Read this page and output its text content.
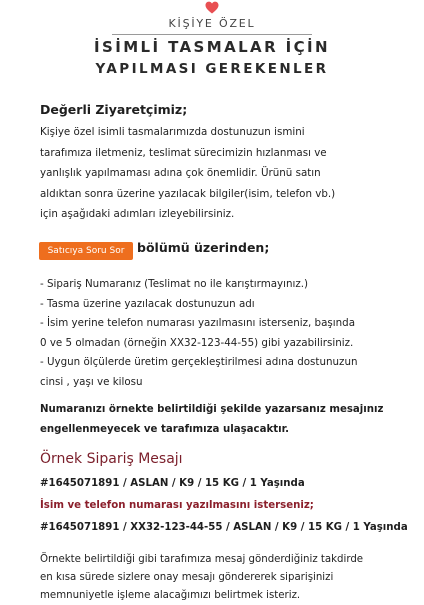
KİŞİYE ÖZEL
İSİMLİ TASMALAR İÇİN
YAPILMASI GEREKENLER
Değerli Ziyaretçimiz;
Kişiye özel isimli tasmalarımızda dostunuzun ismini
tarafımıza iletmeniz, teslimat sürecimizin hızlanması ve
yanlışlık yapılmaması adına çok önemlidir. Ürünü satın
aldıktan sonra üzerine yazılacak bilgiler(isim, telefon vb.)
için aşağıdaki adımları izleyebilirsiniz.
Satıcıya Soru Sor	bölümü üzerinden;
- Sipariş Numaranız (Teslimat no ile karıştırmayınız.)
- Tasma üzerine yazılacak dostunuzun adı
- İsim yerine telefon numarası yazılmasını isterseniz, başında
0 ve 5 olmadan (örneğin XX32-123-44-55) gibi yazabilirsiniz.
- Uygun ölçülerde üretim gerçekleştirilmesi adına dostunuzun
cinsi , yaşı ve kilosu
Numaranızı örnekte belirtildiği şekilde yazarsanız mesajınız
engellenmeyecek ve tarafımıza ulaşacaktır.
Örnek Sipariş Mesajı
#1645071891 / ASLAN / K9 / 15 KG / 1 Yaşında
İsim ve telefon numarası yazılmasını isterseniz;
#1645071891 / XX32-123-44-55 / ASLAN / K9 / 15 KG / 1 Yaşında
Örnekte belirtildiği gibi tarafımıza mesaj gönderdiğiniz takdirde
en kısa sürede sizlere onay mesajı göndererek siparişinizi
memnuniyetle işleme alacağımızı belirtmek isteriz.
